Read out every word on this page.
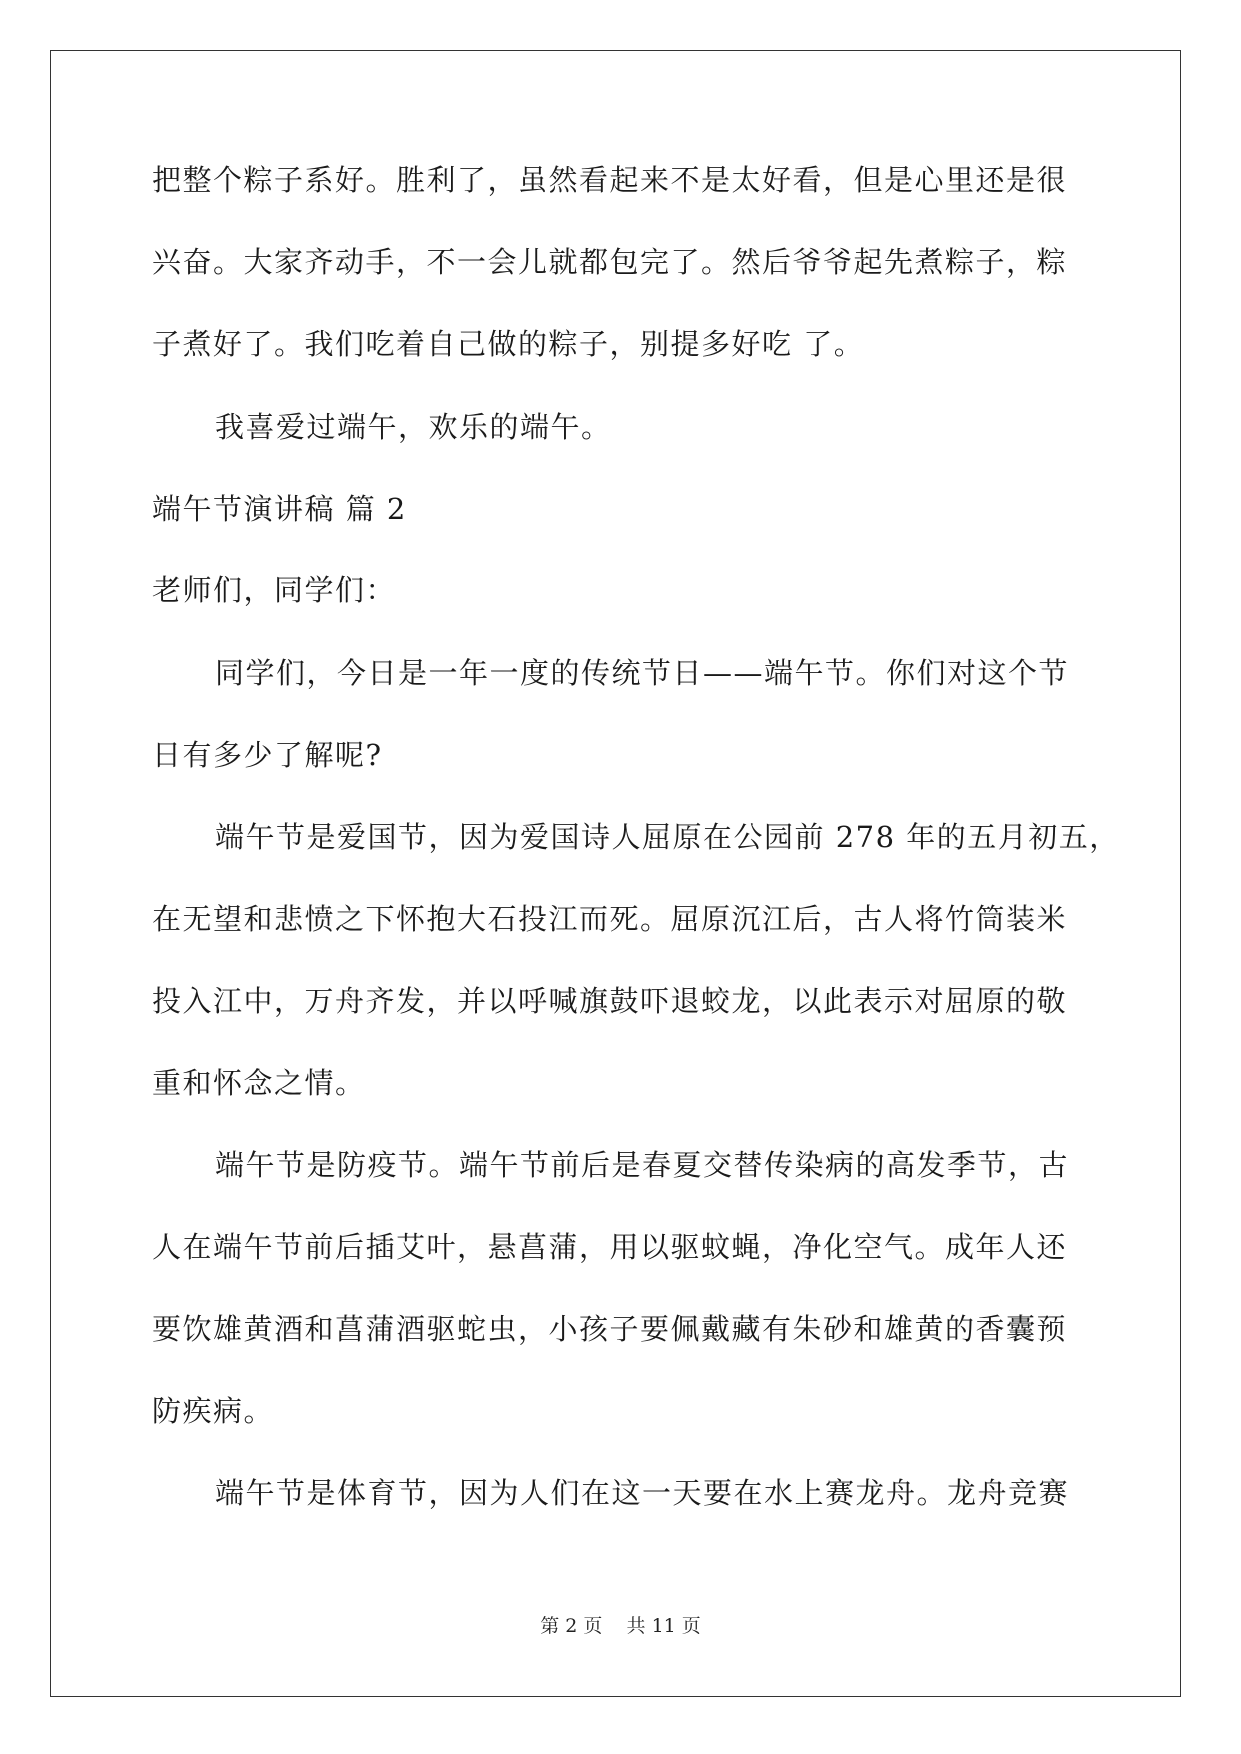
把整个粽子系好。胜利了，虽然看起来不是太好看，但是心里还是很
兴奋。大家齐动手，不一会儿就都包完了。然后爷爷起先煮粽子，粽
子煮好了。我们吃着自己做的粽子，别提多好吃 了。
我喜爱过端午，欢乐的端午。
端午节演讲稿 篇 2
老师们，同学们：
同学们，今日是一年一度的传统节日——端午节。你们对这个节
日有多少了解呢?
端午节是爱国节，因为爱国诗人屈原在公园前 278 年的五月初五，
在无望和悲愤之下怀抱大石投江而死。屈原沉江后，古人将竹筒装米
投入江中，万舟齐发，并以呼喊旗鼓吓退蛟龙，以此表示对屈原的敬
重和怀念之情。
端午节是防疫节。端午节前后是春夏交替传染病的高发季节，古
人在端午节前后插艾叶，悬菖蒲，用以驱蚊蝇，净化空气。成年人还
要饮雄黄酒和菖蒲酒驱蛇虫，小孩子要佩戴藏有朱砂和雄黄的香囊预
防疾病。
端午节是体育节，因为人们在这一天要在水上赛龙舟。龙舟竞赛
第 2 页    共 11 页
